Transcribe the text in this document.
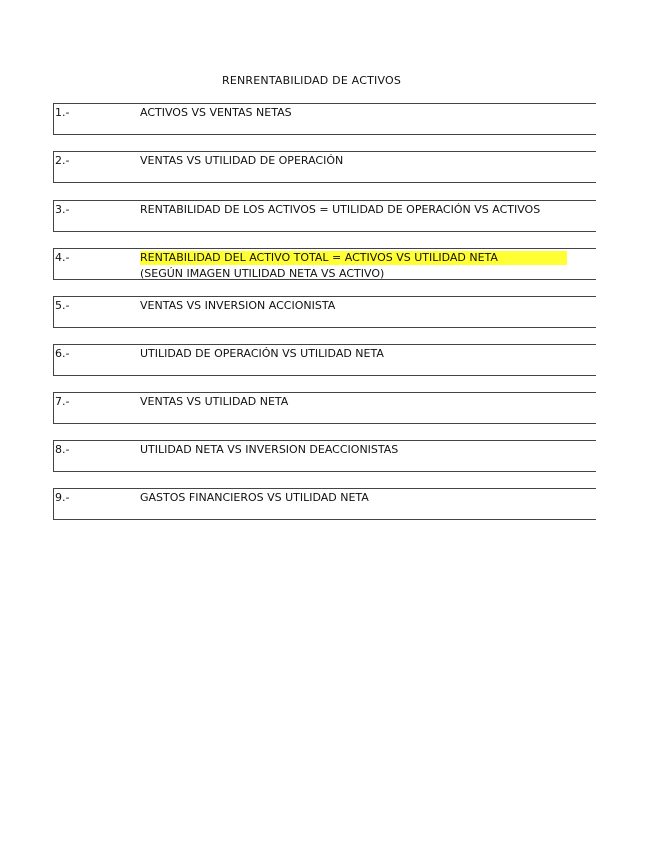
RENRENTABILIDAD DE ACTIVOS
1.-	ACTIVOS VS VENTAS NETAS
2.-	VENTAS VS UTILIDAD DE OPERACIÓN
3.-	RENTABILIDAD DE LOS ACTIVOS = UTILIDAD DE OPERACIÓN VS ACTIVOS
4.-	RENTABILIDAD DEL ACTIVO TOTAL = ACTIVOS VS UTILIDAD NETA
(SEGÚN IMAGEN UTILIDAD NETA VS ACTIVO)
5.-	VENTAS VS INVERSION ACCIONISTA
6.-	UTILIDAD DE OPERACIÓN VS UTILIDAD NETA
7.-	VENTAS VS UTILIDAD NETA
8.-	UTILIDAD NETA VS INVERSION DEACCIONISTAS
9.-	GASTOS FINANCIEROS VS UTILIDAD NETA
